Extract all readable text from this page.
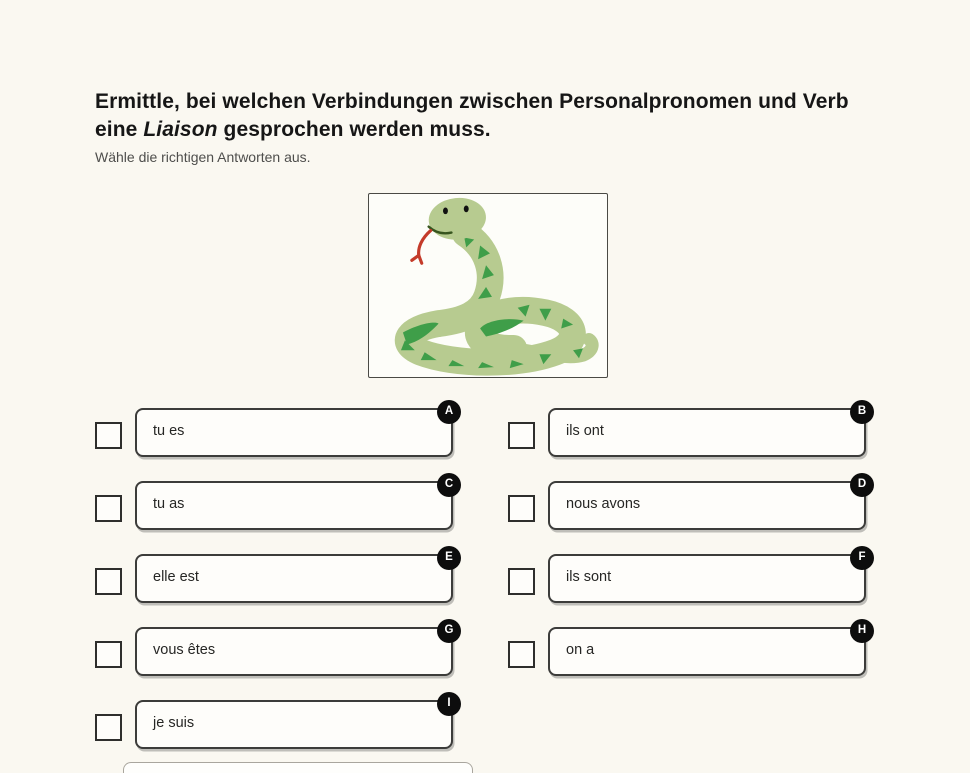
Ermittle, bei welchen Verbindungen zwischen Personalpronomen und Verb eine Liaison gesprochen werden muss.
Wähle die richtigen Antworten aus.
tu es
A
ils ont
B
tu as
C
nous avons
D
elle est
E
ils sont
F
vous êtes
G
on a
H
je suis
I
